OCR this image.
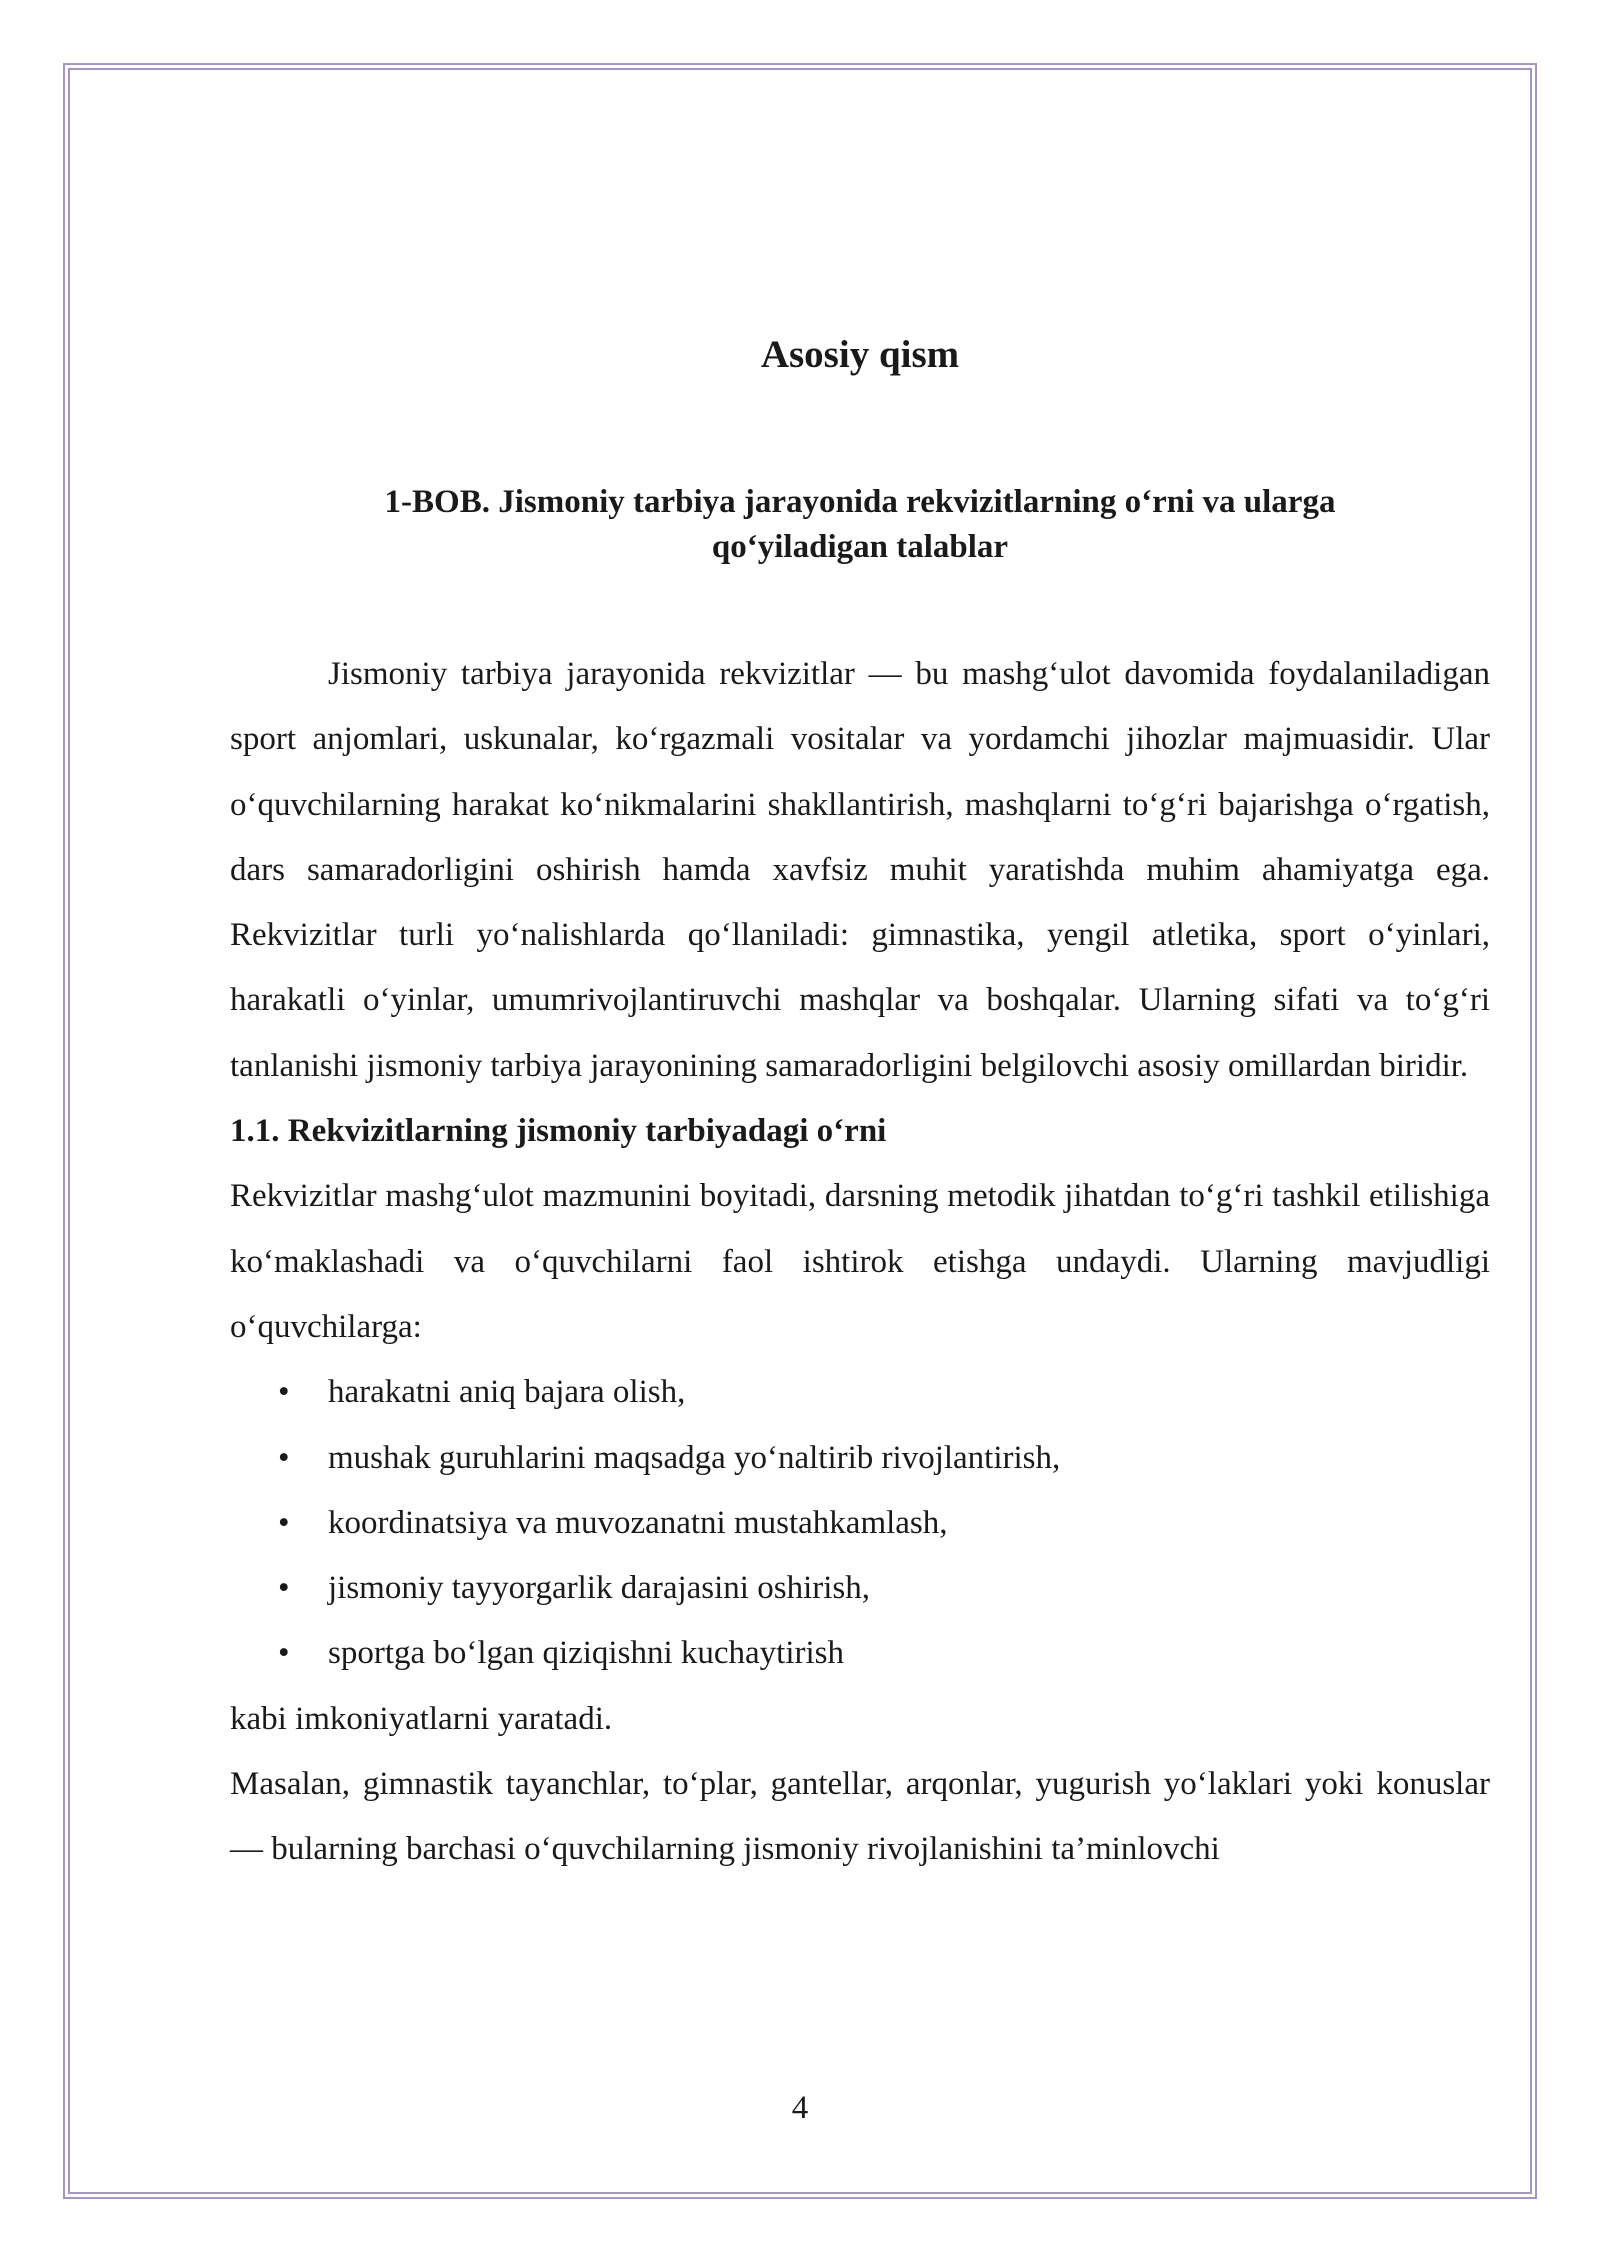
Asosiy qism
1-BOB. Jismoniy tarbiya jarayonida rekvizitlarning o‘rni va ularga
qo‘yiladigan talablar

Jismoniy tarbiya jarayonida rekvizitlar — bu mashg‘ulot davomida foydalaniladigan sport anjomlari, uskunalar, ko‘rgazmali vositalar va yordamchi jihozlar majmuasidir. Ular o‘quvchilarning harakat ko‘nikmalarini shakllantirish, mashqlarni to‘g‘ri bajarishga o‘rgatish, dars samaradorligini oshirish hamda xavfsiz muhit yaratishda muhim ahamiyatga ega. Rekvizitlar turli yo‘nalishlarda qo‘llaniladi: gimnastika, yengil atletika, sport o‘yinlari, harakatli o‘yinlar, umumrivojlantiruvchi mashqlar va boshqalar. Ularning sifati va to‘g‘ri tanlanishi jismoniy tarbiya jarayonining samaradorligini belgilovchi asosiy omillardan biridir.

1.1. Rekvizitlarning jismoniy tarbiyadagi o‘rni

Rekvizitlar mashg‘ulot mazmunini boyitadi, darsning metodik jihatdan to‘g‘ri tashkil etilishiga ko‘maklashadi va o‘quvchilarni faol ishtirok etishga undaydi. Ularning mavjudligi o‘quvchilarga:

• harakatni aniq bajara olish,
• mushak guruhlarini maqsadga yo‘naltirib rivojlantirish,
• koordinatsiya va muvozanatni mustahkamlash,
• jismoniy tayyorgarlik darajasini oshirish,
• sportga bo‘lgan qiziqishni kuchaytirish

kabi imkoniyatlarni yaratadi.

Masalan, gimnastik tayanchlar, to‘plar, gantellar, arqonlar, yugurish yo‘laklari yoki konuslar — bularning barchasi o‘quvchilarning jismoniy rivojlanishini ta’minlovchi

4
